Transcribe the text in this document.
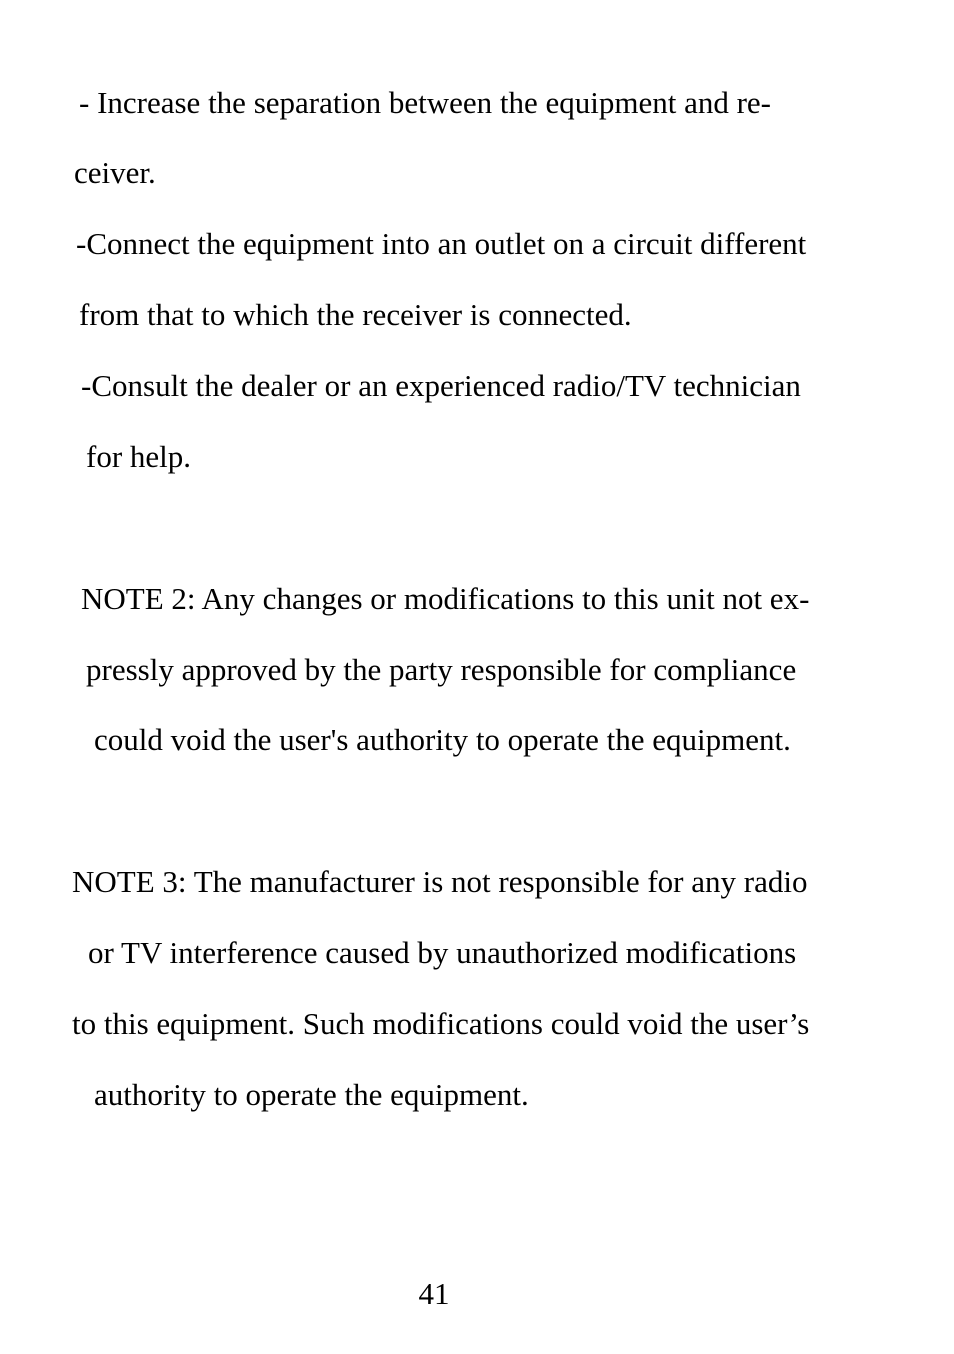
- Increase the separation between the equipment and re-

ceiver.

-Connect the equipment into an outlet on a circuit different

from that to which the receiver is connected.

-Consult the dealer or an experienced radio/TV technician

for help.

NOTE 2: Any changes or modifications to this unit not ex-

pressly approved by the party responsible for compliance

could void the user's authority to operate the equipment.

NOTE 3: The manufacturer is not responsible for any radio

or TV interference caused by unauthorized modifications

to this equipment. Such modifications could void the user’s

authority to operate the equipment.

41
